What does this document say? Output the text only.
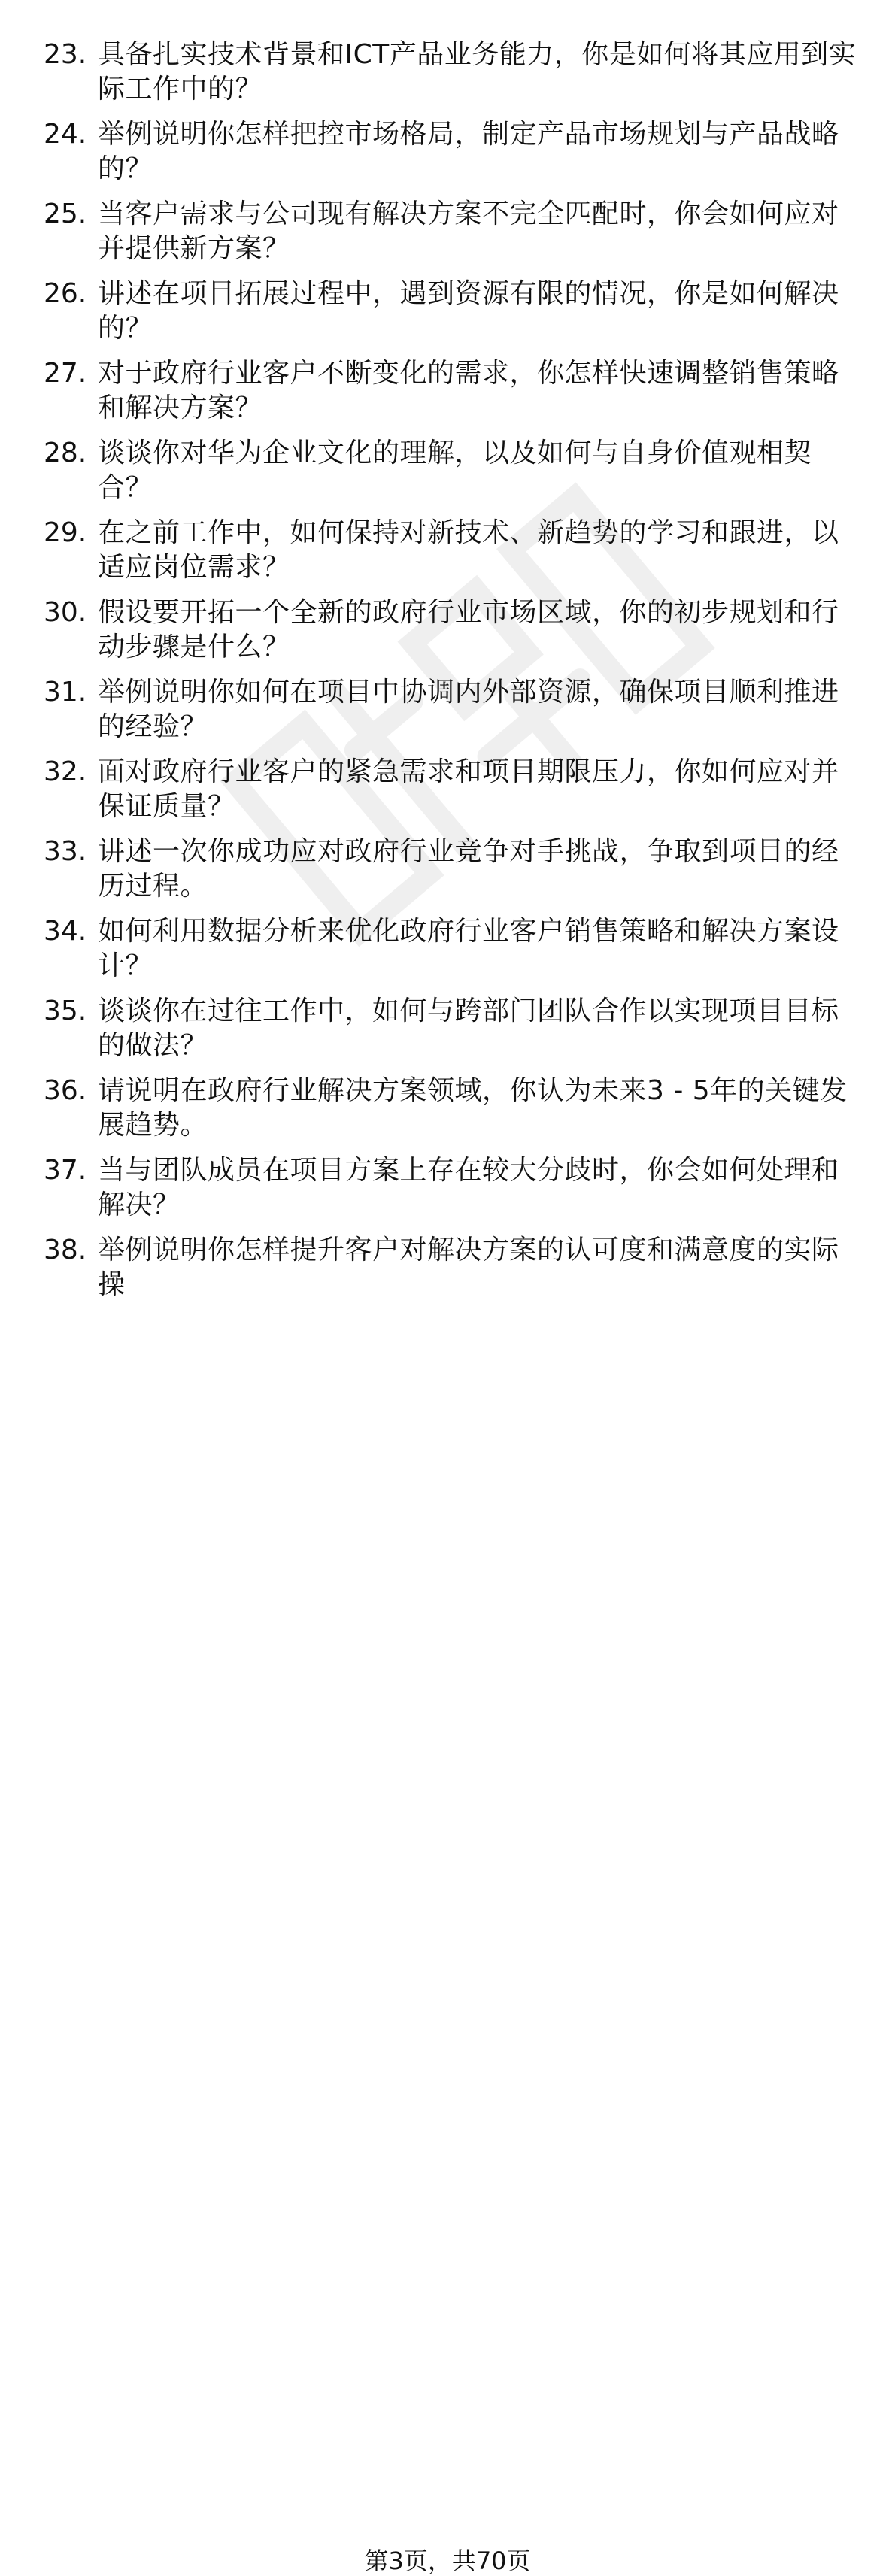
23. 具备扎实技术背景和ICT产品业务能力，你是如何将其应用到实际工作中的？
24. 举例说明你怎样把控市场格局，制定产品市场规划与产品战略的？
25. 当客户需求与公司现有解决方案不完全匹配时，你会如何应对并提供新方案？
26. 讲述在项目拓展过程中，遇到资源有限的情况，你是如何解决的？
27. 对于政府行业客户不断变化的需求，你怎样快速调整销售策略和解决方案？
28. 谈谈你对华为企业文化的理解，以及如何与自身价值观相契合？
29. 在之前工作中，如何保持对新技术、新趋势的学习和跟进，以适应岗位需求？
30. 假设要开拓一个全新的政府行业市场区域，你的初步规划和行动步骤是什么？
31. 举例说明你如何在项目中协调内外部资源，确保项目顺利推进的经验？
32. 面对政府行业客户的紧急需求和项目期限压力，你如何应对并保证质量？
33. 讲述一次你成功应对政府行业竞争对手挑战，争取到项目的经历过程。
34. 如何利用数据分析来优化政府行业客户销售策略和解决方案设计？
35. 谈谈你在过往工作中，如何与跨部门团队合作以实现项目目标的做法？
36. 请说明在政府行业解决方案领域，你认为未来3 - 5年的关键发展趋势。
37. 当与团队成员在项目方案上存在较大分歧时，你会如何处理和解决？
38. 举例说明你怎样提升客户对解决方案的认可度和满意度的实际操
第3页，共70页
